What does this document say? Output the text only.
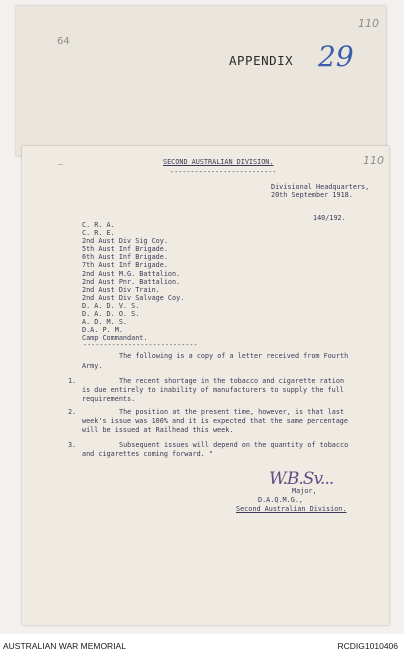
64
110
APPENDIX 29
110
~	SECOND AUSTRALIAN DIVISION.
--------------------------
Divisional Headquarters,
20th September 1918.
140/192.
C. R. A.
C. R. E.
2nd Aust Div Sig Coy.
5th Aust Inf Brigade.
6th Aust Inf Brigade.
7th Aust Inf Brigade.
2nd Aust M.G. Battalion.
2nd Aust Pnr. Battalion.
2nd Aust Div Train.
2nd Aust Div Salvage Coy.
D. A. D. V. S.
D. A. D. O. S.
A. D. M. S.
D.A. P. M.
Camp Commandant.
----------------------------
The following is a copy of a letter received from Fourth
Army.
1.	The recent shortage in the tobacco and cigarette ration
is due entirely to inability of manufacturers to supply the full
requirements.
2.	The position at the present time, however, is that last
week's issue was 100% and it is expected that the same percentage
will be issued at Railhead this week.
3.	Subsequent issues will depend on the quantity of tobacco
and cigarettes coming forward. "
W.B.Sv...
Major,
D.A.Q.M.G.,
Second Australian Division.
AUSTRALIAN WAR MEMORIAL	RCDIG1010406
